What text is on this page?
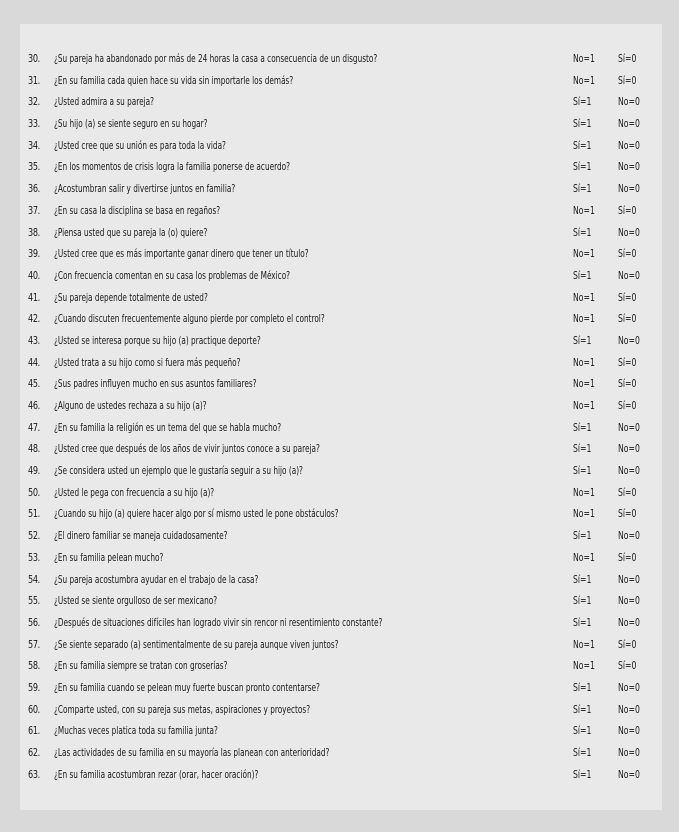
30.	¿Su pareja ha abandonado por más de 24 horas la casa a consecuencia de un disgusto?	No=1 Sí=0
31.	¿En su familia cada quien hace su vida sin importarle los demás?	No=1 Sí=0
32.	¿Usted admira a su pareja?	Sí=1	No=0
33.	¿Su hijo (a) se siente seguro en su hogar?	Sí=1	No=0
34.	¿Usted cree que su unión es para toda la vida?	Sí=1	No=0
35.	¿En los momentos de crisis logra la familia ponerse de acuerdo?	Sí=1	No=0
36.	¿Acostumbran salir y divertirse juntos en familia?	Sí=1	No=0
37.	¿En su casa la disciplina se basa en regaños?	No=1 Sí=0
38.	¿Piensa usted que su pareja la (o) quiere?	Sí=1	No=0
39.	¿Usted cree que es más importante ganar dinero que tener un título?	No=1 Sí=0
40.	¿Con frecuencia comentan en su casa los problemas de México?	Sí=1	No=0
41.	¿Su pareja depende totalmente de usted?	No=1 Sí=0
42.	¿Cuando discuten frecuentemente alguno pierde por completo el control?	No=1 Sí=0
43.	¿Usted se interesa porque su hijo (a) practique deporte?	Sí=1	No=0
44.	¿Usted trata a su hijo como si fuera más pequeño?	No=1 Sí=0
45.	¿Sus padres influyen mucho en sus asuntos familiares?	No=1 Sí=0
46.	¿Alguno de ustedes rechaza a su hijo (a)?	No=1 Sí=0
47.	¿En su familia la religión es un tema del que se habla mucho?	Sí=1	No=0
48.	¿Usted cree que después de los años de vivir juntos conoce a su pareja?	Sí=1	No=0
49.	¿Se considera usted un ejemplo que le gustaría seguir a su hijo (a)?	Sí=1	No=0
50.	¿Usted le pega con frecuencia a su hijo (a)?	No=1 Sí=0
51.	¿Cuando su hijo (a) quiere hacer algo por sí mismo usted le pone obstáculos?	No=1 Sí=0
52.	¿El dinero familiar se maneja cuidadosamente?	Sí=1	No=0
53.	¿En su familia pelean mucho?	No=1 Sí=0
54.	¿Su pareja acostumbra ayudar en el trabajo de la casa?	Sí=1	No=0
55.	¿Usted se siente orgulloso de ser mexicano?	Sí=1	No=0
56.	¿Después de situaciones difíciles han logrado vivir sin rencor ni resentimiento constante?	Sí=1	No=0
57.	¿Se siente separado (a) sentimentalmente de su pareja aunque viven juntos?	No=1 Sí=0
58.	¿En su familia siempre se tratan con groserías?	No=1 Sí=0
59.	¿En su familia cuando se pelean muy fuerte buscan pronto contentarse?	Sí=1	No=0
60.	¿Comparte usted, con su pareja sus metas, aspiraciones y proyectos?	Sí=1	No=0
61.	¿Muchas veces platica toda su familia junta?	Sí=1	No=0
62.	¿Las actividades de su familia en su mayoría las planean con anterioridad?	Sí=1	No=0
63.	¿En su familia acostumbran rezar (orar, hacer oración)?	Sí=1	No=0
